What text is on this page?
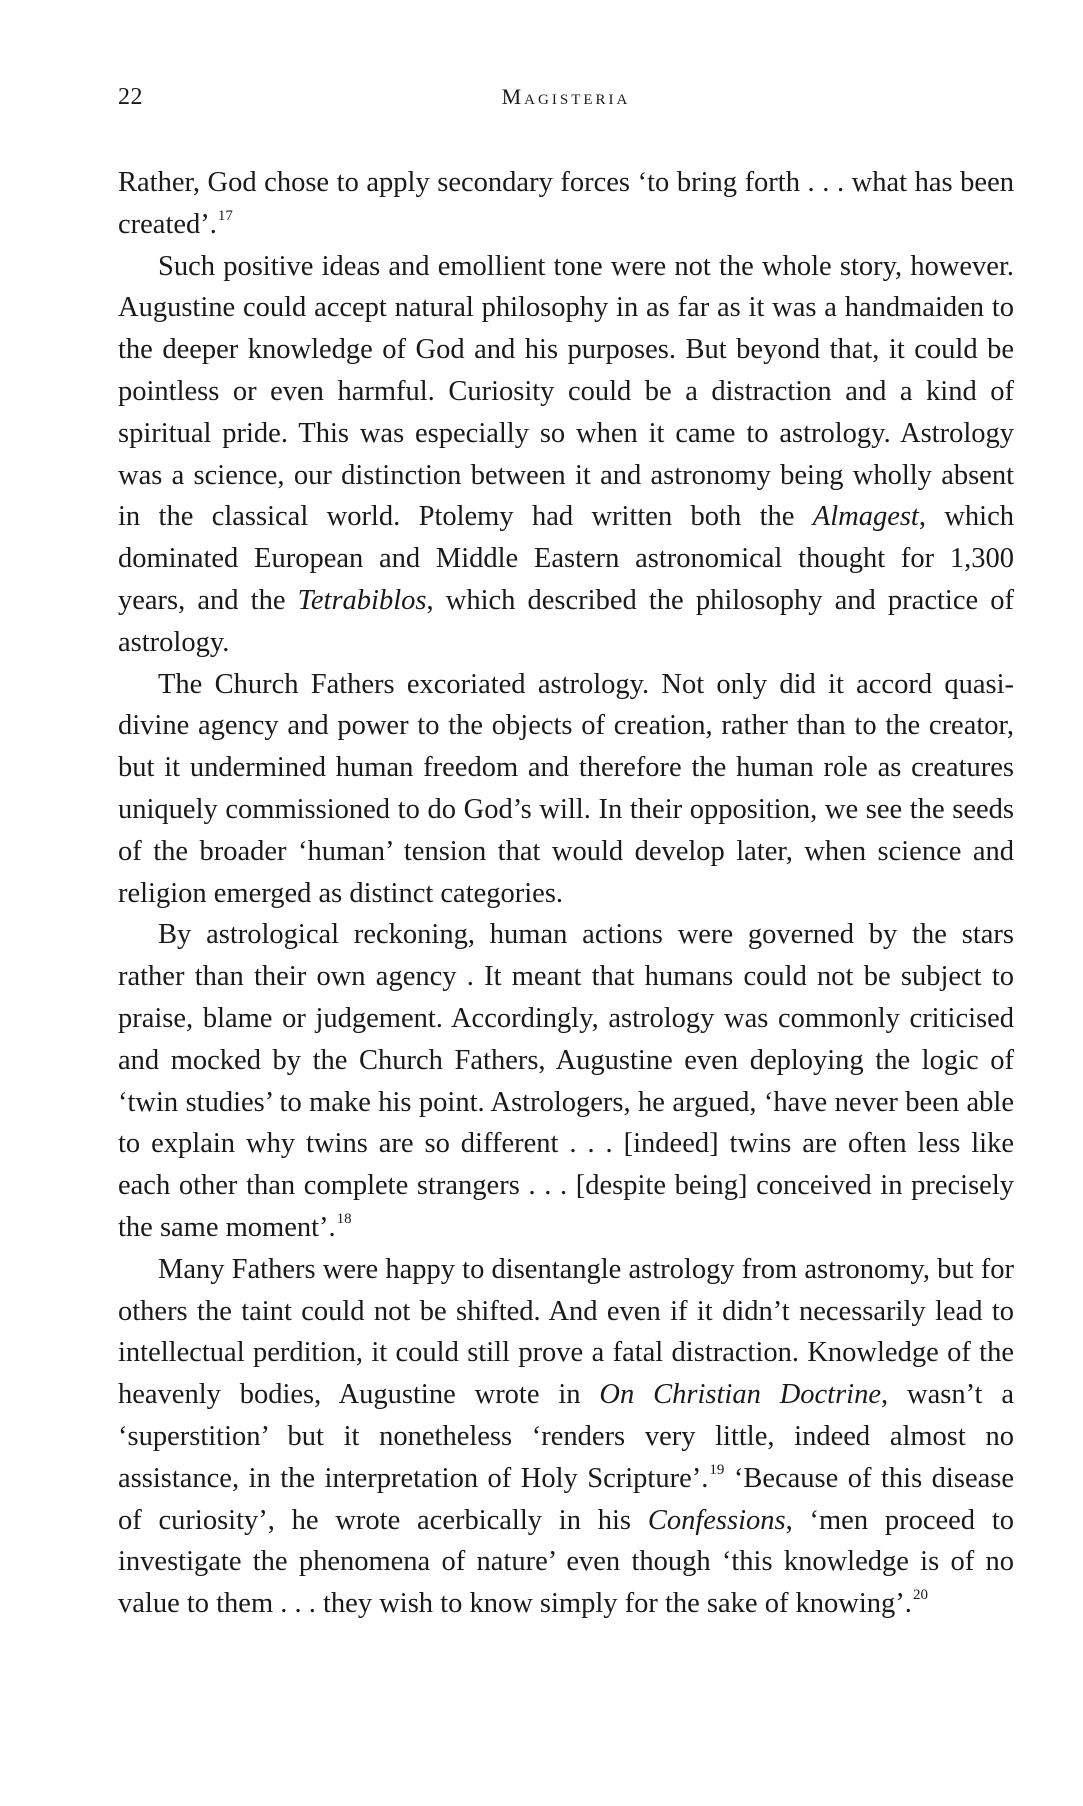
22	Magisteria

Rather, God chose to apply secondary forces ‘to bring forth . . . what has been created’.$^{17}$

Such positive ideas and emollient tone were not the whole story, however. Augustine could accept natural philosophy in as far as it was a handmaiden to the deeper knowledge of God and his purposes. But beyond that, it could be pointless or even harmful. Curiosity could be a distraction and a kind of spiritual pride. This was especially so when it came to astrology. Astrology was a science, our distinction between it and astronomy being wholly absent in the classical world. Ptolemy had written both the Almagest, which dominated European and Middle Eastern astronomical thought for 1,300 years, and the Tetrabiblos, which described the philosophy and practice of astrology.

The Church Fathers excoriated astrology. Not only did it accord quasidivine agency and power to the objects of creation, rather than to the creator, but it undermined human freedom and therefore the human role as creatures uniquely commissioned to do God’s will. In their opposition, we see the seeds of the broader ‘human’ tension that would develop later, when science and religion emerged as distinct categories.

By astrological reckoning, human actions were governed by the stars rather than their own agency . It meant that humans could not be subject to praise, blame or judgement. Accordingly, astrology was commonly criticised and mocked by the Church Fathers, Augustine even deploying the logic of ‘twin studies’ to make his point. Astrologers, he argued, ‘have never been able to explain why twins are so different . . . [indeed] twins are often less like each other than complete strangers . . . [despite being] conceived in precisely the same moment’.$^{18}$

Many Fathers were happy to disentangle astrology from astronomy, but for others the taint could not be shifted. And even if it didn’t necessarily lead to intellectual perdition, it could still prove a fatal distraction. Knowledge of the heavenly bodies, Augustine wrote in On Christian Doctrine, wasn’t a ‘superstition’ but it nonetheless ‘renders very little, indeed almost no assistance, in the interpretation of Holy Scripture’.$^{19}$ ‘Because of this disease of curiosity’, he wrote acerbically in his Confessions, ‘men proceed to investigate the phenomena of nature’ even though ‘this knowledge is of no value to them . . . they wish to know simply for the sake of knowing’.$^{20}$
